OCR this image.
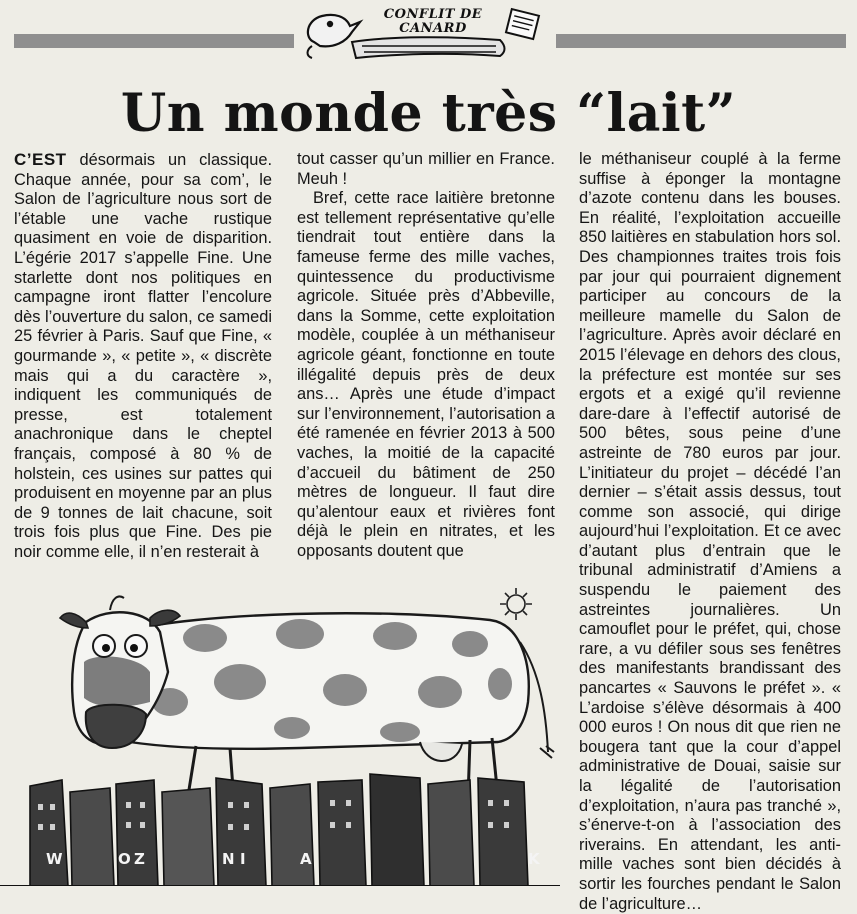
CONFLIT DE
CANARD
Un monde très “lait”

C’EST désormais un classique. Chaque année, pour sa com’, le Salon de l’agriculture nous sort de l’étable une vache rustique quasiment en voie de disparition. L’égérie 2017 s’appelle Fine. Une starlette dont nos politiques en campagne iront flatter l’encolure dès l’ouverture du salon, ce samedi 25 février à Paris. Sauf que Fine, « gourmande », « petite », « discrète mais qui a du caractère », indiquent les communiqués de presse, est totalement anachronique dans le cheptel français, composé à 80 % de holstein, ces usines sur pattes qui produisent en moyenne par an plus de 9 tonnes de lait chacune, soit trois fois plus que Fine. Des pie noir comme elle, il n’en resterait à

tout casser qu’un millier en France. Meuh !

Bref, cette race laitière bretonne est tellement représentative qu’elle tiendrait tout entière dans la fameuse ferme des mille vaches, quintessence du productivisme agricole. Située près d’Abbeville, dans la Somme, cette exploitation modèle, couplée à un méthaniseur agricole géant, fonctionne en toute illégalité depuis près de deux ans… Après une étude d’impact sur l’environnement, l’autorisation a été ramenée en février 2013 à 500 vaches, la moitié de la capacité d’accueil du bâtiment de 250 mètres de longueur. Il faut dire qu’alentour eaux et rivières font déjà le plein en nitrates, et les opposants doutent que

le méthaniseur couplé à la ferme suffise à éponger la montagne d’azote contenu dans les bouses. En réalité, l’exploitation accueille 850 laitières en stabulation hors sol. Des championnes traites trois fois par jour qui pourraient dignement participer au concours de la meilleure mamelle du Salon de l’agriculture. Après avoir déclaré en 2015 l’élevage en dehors des clous, la préfecture est montée sur ses ergots et a exigé qu’il revienne dare-dare à l’effectif autorisé de 500 bêtes, sous peine d’une astreinte de 780 euros par jour. L’initiateur du projet – décédé l’an dernier – s’était assis dessus, tout comme son associé, qui dirige aujourd’hui l’exploitation. Et ce avec d’autant plus d’entrain que le tribunal administratif d’Amiens a suspendu le paiement des astreintes journalières. Un camouflet pour le préfet, qui, chose rare, a vu défiler sous ses fenêtres des manifestants brandissant des pancartes « Sauvons le préfet ». « L’ardoise s’élève désormais à 400 000 euros ! On nous dit que rien ne bougera tant que la cour d’appel administrative de Douai, saisie sur la légalité de l’autorisation d’exploitation, n’aura pas tranché », s’énerve-t-on à l’association des riverains. En attendant, les anti-mille vaches sont bien décidés à sortir les fourches pendant le Salon de l’agriculture…

W	O Z	N I	A	K
